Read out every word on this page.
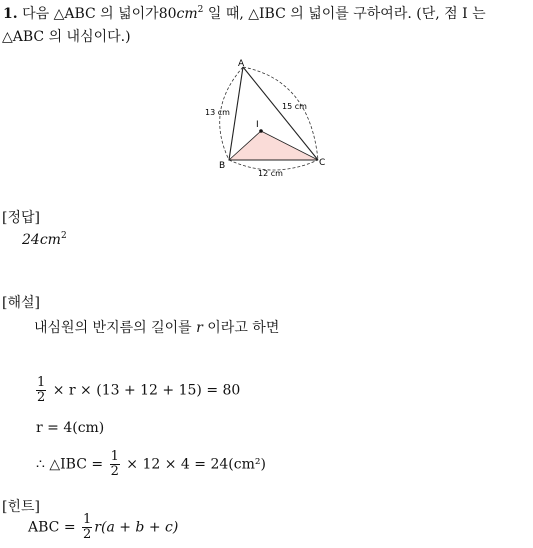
1. 다음 △ABC 의 넓이가$80cm^2$ 일 때, △IBC 의 넓이를 구하여라. (단, 점 I 는
△ABC 의 내심이다.)
A
B	C
I
13 cm
15 cm
12 cm
[정답]
$24cm^2$
[해설]
내심원의 반지름의 길이를 r 이라고 하면
$\frac{1}{2} \times r \times (13 + 12 + 15) = 80$
r = 4(cm)
∴ △IBC = $\frac{1}{2} \times 12 \times 4 = 24(cm^2)$
[힌트]
ABC = $\frac{1}{2} r(a + b + c)$
